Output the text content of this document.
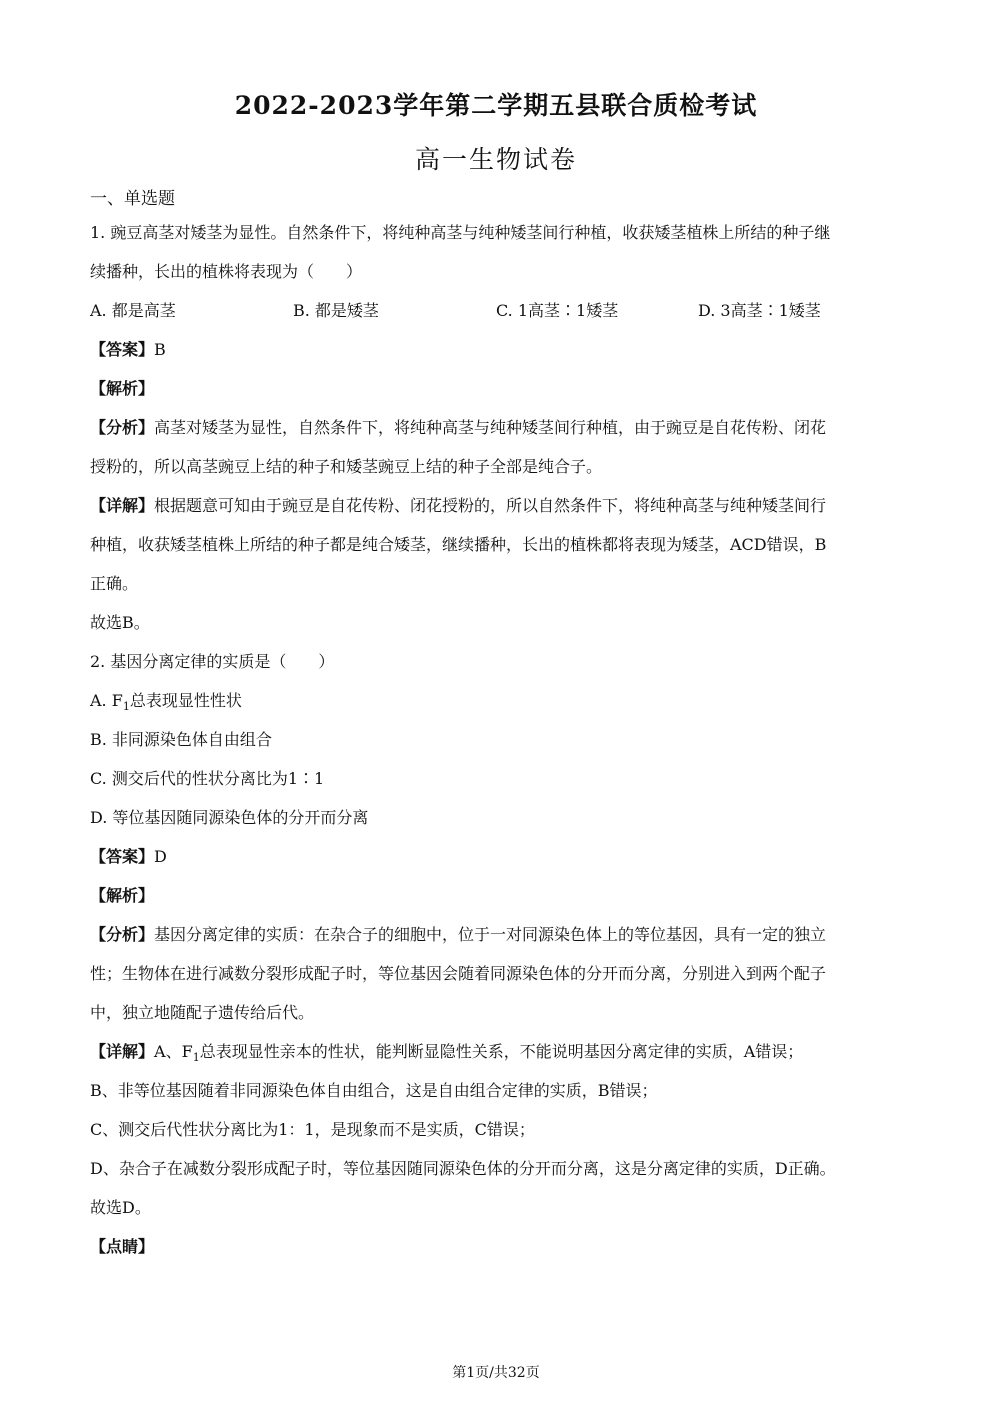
2022-2023学年第二学期五县联合质检考试
高一生物试卷
一、单选题
1. 豌豆高茎对矮茎为显性。自然条件下，将纯种高茎与纯种矮茎间行种植，收获矮茎植株上所结的种子继
续播种，长出的植株将表现为（　　）
A. 都是高茎	B. 都是矮茎	C. 1高茎∶1矮茎	D. 3高茎∶1矮茎
【答案】B
【解析】
【分析】高茎对矮茎为显性，自然条件下，将纯种高茎与纯种矮茎间行种植，由于豌豆是自花传粉、闭花
授粉的，所以高茎豌豆上结的种子和矮茎豌豆上结的种子全部是纯合子。
【详解】根据题意可知由于豌豆是自花传粉、闭花授粉的，所以自然条件下，将纯种高茎与纯种矮茎间行
种植，收获矮茎植株上所结的种子都是纯合矮茎，继续播种，长出的植株都将表现为矮茎，ACD错误，B
正确。
故选B。
2. 基因分离定律的实质是（　　）
A. $F_1$总表现显性性状
B. 非同源染色体自由组合
C. 测交后代的性状分离比为1∶1
D. 等位基因随同源染色体的分开而分离
【答案】D
【解析】
【分析】基因分离定律的实质：在杂合子的细胞中，位于一对同源染色体上的等位基因，具有一定的独立
性；生物体在进行减数分裂形成配子时，等位基因会随着同源染色体的分开而分离，分别进入到两个配子
中，独立地随配子遗传给后代。
【详解】A、$F_1$总表现显性亲本的性状，能判断显隐性关系，不能说明基因分离定律的实质，A错误；
B、非等位基因随着非同源染色体自由组合，这是自由组合定律的实质，B错误；
C、测交后代性状分离比为1：1，是现象而不是实质，C错误；
D、杂合子在减数分裂形成配子时，等位基因随同源染色体的分开而分离，这是分离定律的实质，D正确。
故选D。
【点睛】
第1页/共32页
